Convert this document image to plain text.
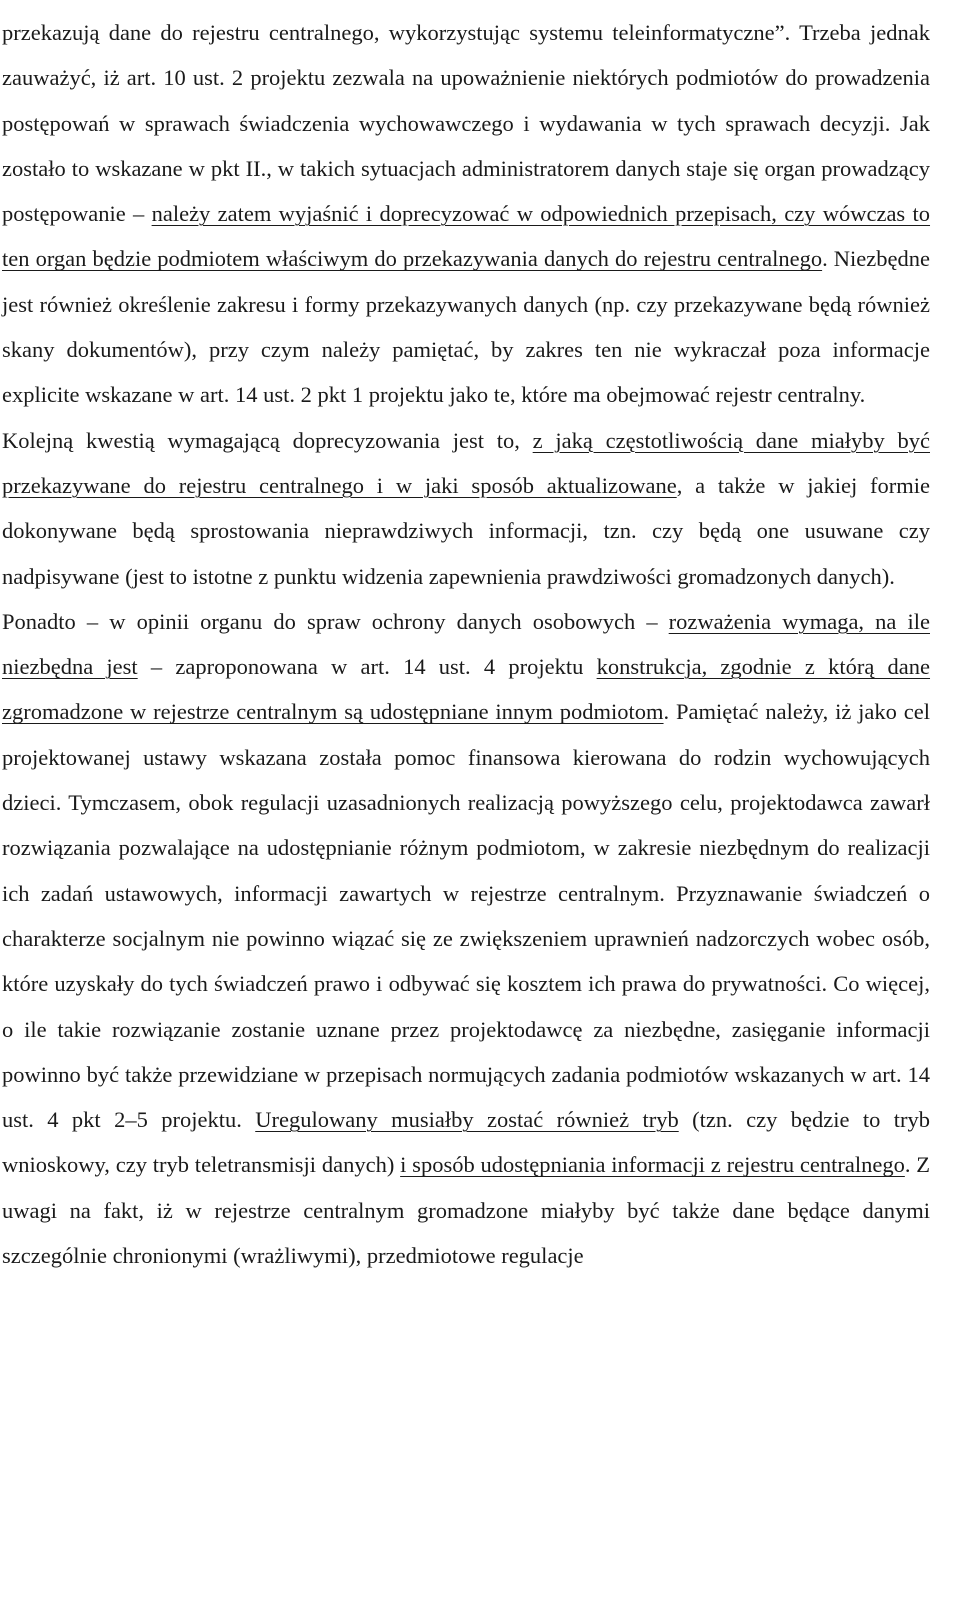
przekazują dane do rejestru centralnego, wykorzystując systemu teleinformatyczne”. Trzeba jednak zauważyć, iż art. 10 ust. 2 projektu zezwala na upoważnienie niektórych podmiotów do prowadzenia postępowań w sprawach świadczenia wychowawczego i wydawania w tych sprawach decyzji. Jak zostało to wskazane w pkt II., w takich sytuacjach administratorem danych staje się organ prowadzący postępowanie – należy zatem wyjaśnić i doprecyzować w odpowiednich przepisach, czy wówczas to ten organ będzie podmiotem właściwym do przekazywania danych do rejestru centralnego. Niezbędne jest również określenie zakresu i formy przekazywanych danych (np. czy przekazywane będą również skany dokumentów), przy czym należy pamiętać, by zakres ten nie wykraczał poza informacje explicite wskazane w art. 14 ust. 2 pkt 1 projektu jako te, które ma obejmować rejestr centralny.

Kolejną kwestią wymagającą doprecyzowania jest to, z jaką częstotliwością dane miałyby być przekazywane do rejestru centralnego i w jaki sposób aktualizowane, a także w jakiej formie dokonywane będą sprostowania nieprawdziwych informacji, tzn. czy będą one usuwane czy nadpisywane (jest to istotne z punktu widzenia zapewnienia prawdziwości gromadzonych danych).

Ponadto – w opinii organu do spraw ochrony danych osobowych – rozważenia wymaga, na ile niezbędna jest – zaproponowana w art. 14 ust. 4 projektu konstrukcja, zgodnie z którą dane zgromadzone w rejestrze centralnym są udostępniane innym podmiotom. Pamiętać należy, iż jako cel projektowanej ustawy wskazana została pomoc finansowa kierowana do rodzin wychowujących dzieci. Tymczasem, obok regulacji uzasadnionych realizacją powyższego celu, projektodawca zawarł rozwiązania pozwalające na udostępnianie różnym podmiotom, w zakresie niezbędnym do realizacji ich zadań ustawowych, informacji zawartych w rejestrze centralnym. Przyznawanie świadczeń o charakterze socjalnym nie powinno wiązać się ze zwiększeniem uprawnień nadzorczych wobec osób, które uzyskały do tych świadczeń prawo i odbywać się kosztem ich prawa do prywatności. Co więcej, o ile takie rozwiązanie zostanie uznane przez projektodawcę za niezbędne, zasięganie informacji powinno być także przewidziane w przepisach normujących zadania podmiotów wskazanych w art. 14 ust. 4 pkt 2–5 projektu. Uregulowany musiałby zostać również tryb (tzn. czy będzie to tryb wnioskowy, czy tryb teletransmisji danych) i sposób udostępniania informacji z rejestru centralnego. Z uwagi na fakt, iż w rejestrze centralnym gromadzone miałyby być także dane będące danymi szczególnie chronionymi (wrażliwymi), przedmiotowe regulacje
